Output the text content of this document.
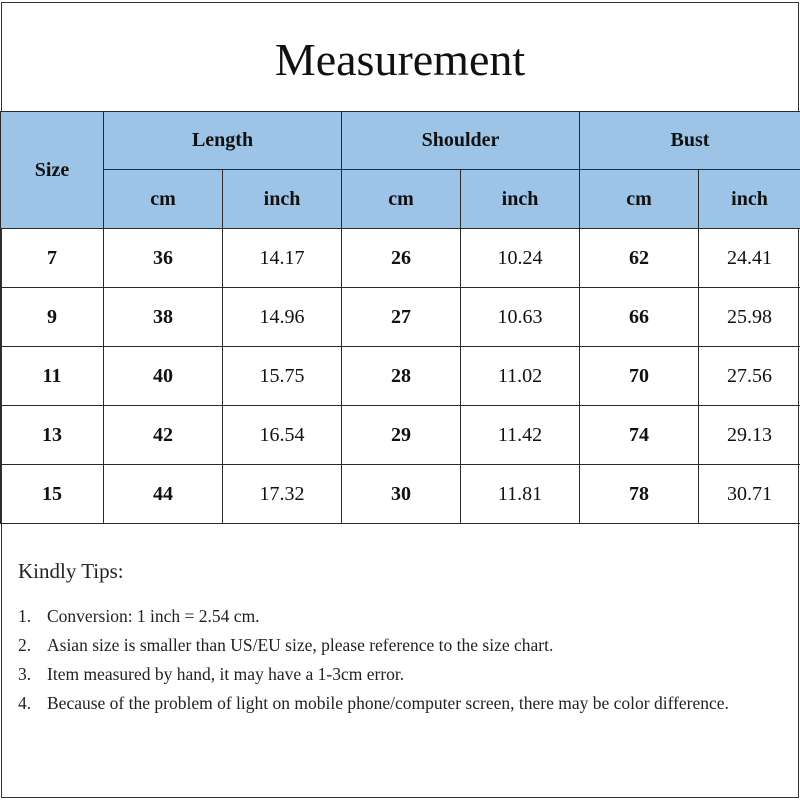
Measurement
Size	Length		Shoulder		Bust	
	cm	inch	cm	inch	cm	inch
7	36	14.17	26	10.24	62	24.41
9	38	14.96	27	10.63	66	25.98
11	40	15.75	28	11.02	70	27.56
13	42	16.54	29	11.42	74	29.13
15	44	17.32	30	11.81	78	30.71
Kindly Tips:
1. Conversion: 1 inch = 2.54 cm.
2. Asian size is smaller than US/EU size, please reference to the size chart.
3. Item measured by hand, it may have a 1-3cm error.
4. Because of the problem of light on mobile phone/computer screen, there may be color difference.
